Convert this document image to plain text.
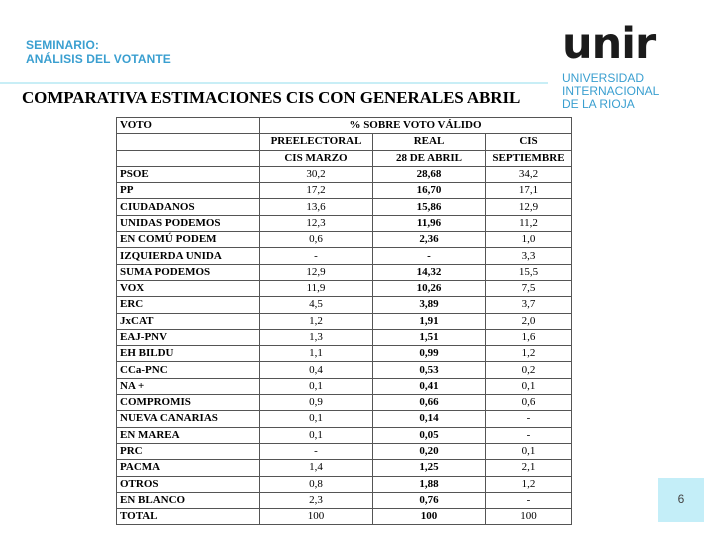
SEMINARIO:
ANÁLISIS DEL VOTANTE
COMPARATIVA ESTIMACIONES CIS CON GENERALES ABRIL
unir
UNIVERSIDAD
INTERNACIONAL
DE LA RIOJA
VOTO	% SOBRE VOTO VÁLIDO		
	PREELECTORAL	REAL	CIS
	CIS MARZO	28 DE ABRIL	SEPTIEMBRE
PSOE	30,2	28,68	34,2
PP	17,2	16,70	17,1
CIUDADANOS	13,6	15,86	12,9
UNIDAS PODEMOS	12,3	11,96	11,2
EN COMÚ PODEM	0,6	2,36	1,0
IZQUIERDA UNIDA	-	-	3,3
SUMA PODEMOS	12,9	14,32	15,5
VOX	11,9	10,26	7,5
ERC	4,5	3,89	3,7
JxCAT	1,2	1,91	2,0
EAJ-PNV	1,3	1,51	1,6
EH BILDU	1,1	0,99	1,2
CCa-PNC	0,4	0,53	0,2
NA +	0,1	0,41	0,1
COMPROMIS	0,9	0,66	0,6
NUEVA CANARIAS	0,1	0,14	-
EN MAREA	0,1	0,05	-
PRC	-	0,20	0,1
PACMA	1,4	1,25	2,1
OTROS	0,8	1,88	1,2
EN BLANCO	2,3	0,76	-
TOTAL	100	100	100
6
